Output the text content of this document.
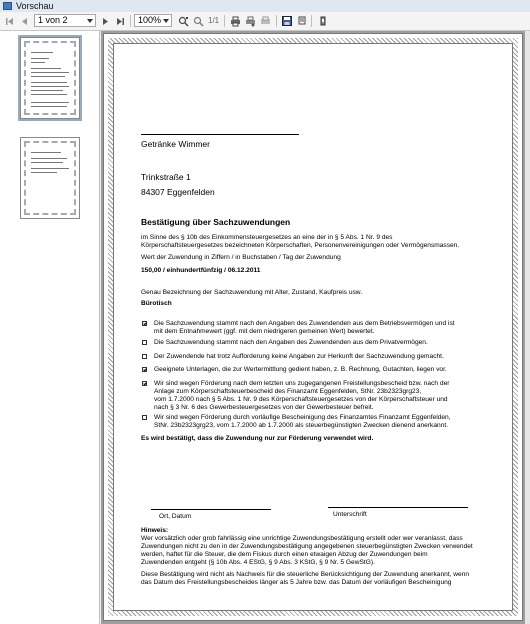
Vorschau
1 von 2	100%	1/1
Getränke Wimmer
Trinkstraße 1
84307 Eggenfelden
Bestätigung über Sachzuwendungen
im Sinne des § 10b des Einkommensteuergesetzes an eine der in § 5 Abs. 1 Nr. 9 des
Körperschaftsteuergesetzes bezeichneten Körperschaften, Personenvereinigungen oder Vermögensmassen.
Wert der Zuwendung in Ziffern / in Buchstaben / Tag der Zuwendung
150,00 / einhundertfünfzig / 06.12.2011
Genau Bezeichnung der Sachzuwendung mit Alter, Zustand, Kaufpreis usw.
Bürotisch
Die Sachzuwendung stammt nach den Angaben des Zuwendenden aus dem Betriebsvermögen und ist
mit dem Entnahmewert (ggf. mit dem niedrigeren gemeinen Wert) bewertet.
Die Sachzuwendung stammt nach den Angaben des Zuwendenden aus dem Privatvermögen.
Der Zuwendende hat trotz Aufforderung keine Angaben zur Herkunft der Sachzuwendung gemacht.
Geeignete Unterlagen, die zur Wertermittlung gedient haben, z. B. Rechnung, Gutachten, liegen vor.
Wir sind wegen Förderung nach dem letzten uns zugegangenen Freistellungsbescheid bzw. nach der
Anlage zum Körperschaftsteuerbescheid des Finanzamt Eggenfelden, StNr. 23b2323grg23,
vom 1.7.2000 nach § 5 Abs. 1 Nr. 9 des Körperschaftsteuergesetzes von der Körperschaftsteuer und
nach § 3 Nr. 6 des Gewerbesteuergesetzes von der Gewerbesteuer befreit.
Wir sind wegen Förderung durch vorläufige Bescheinigung des Finanzamtes Finanzamt Eggenfelden,
StNr. 23b2323grg23, vom 1.7.2000 ab 1.7.2000 als steuerbegünstigten Zwecken dienend anerkannt.
Es wird bestätigt, dass die Zuwendung nur zur Förderung verwendet wird.
Ort, Datum	Unterschrift
Hinweis:
Wer vorsätzlich oder grob fahrlässig eine unrichtige Zuwendungsbestätigung erstellt oder wer veranlasst, dass
Zuwendungen nicht zu den in der Zuwendungsbestätigung angegebenen steuerbegünstigten Zwecken verwendet
werden, haftet für die Steuer, die dem Fiskus durch einen etwaigen Abzug der Zuwendungen beim
Zuwendenden entgeht (§ 10b Abs. 4 EStG, § 9 Abs. 3 KStG, § 9 Nr. 5 GewStG).
Diese Bestätigung wird nicht als Nachweis für die steuerliche Berücksichtigung der Zuwendung anerkannt, wenn
das Datum des Freistellungsbescheides länger als 5 Jahre bzw. das Datum der vorläufigen Bescheinigung
